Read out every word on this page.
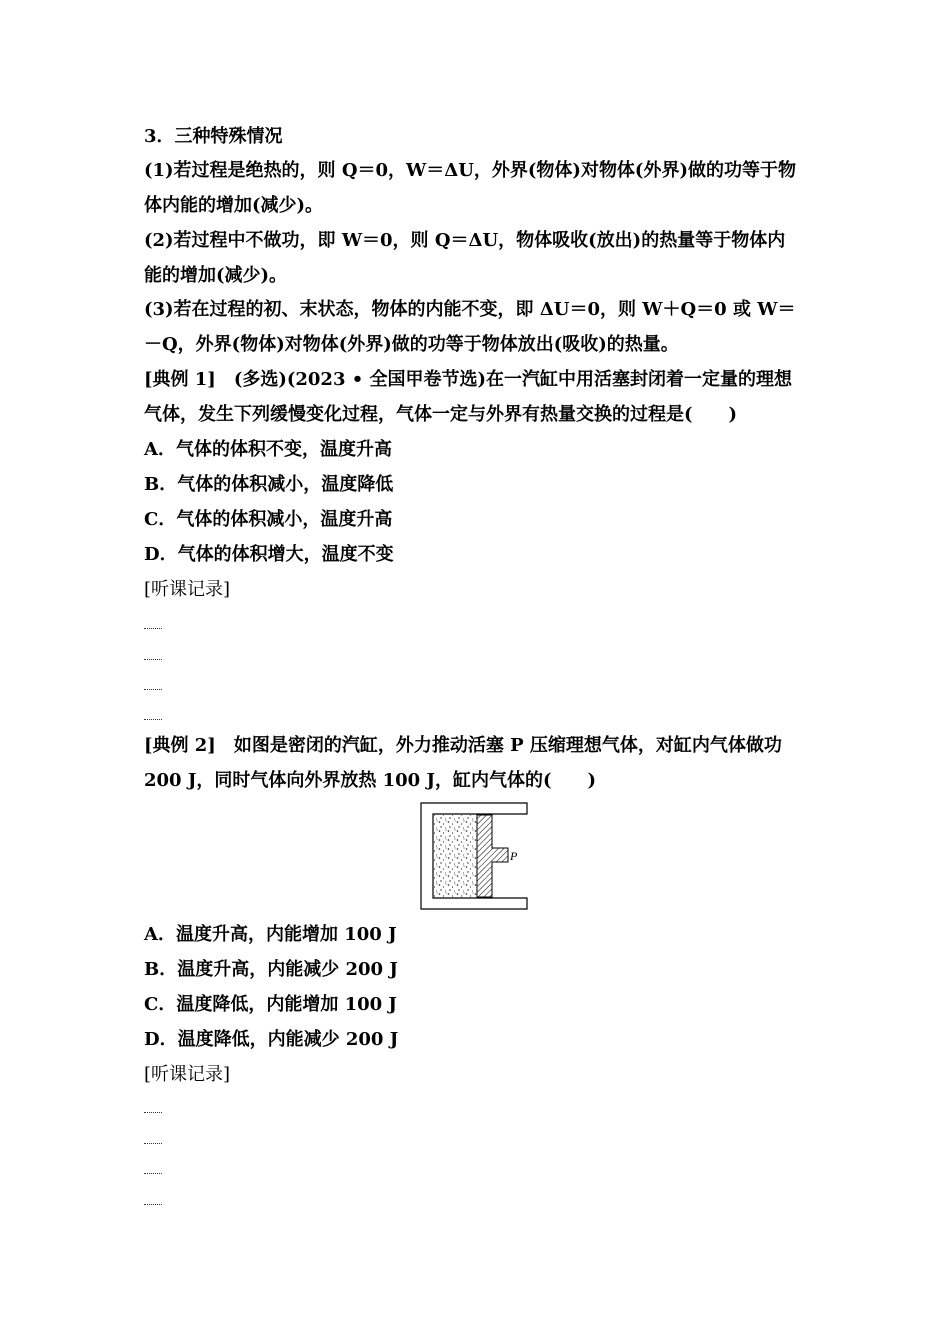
3．三种特殊情况
(1)若过程是绝热的，则 Q＝0，W＝ΔU，外界(物体)对物体(外界)做的功等于物
体内能的增加(减少)。
(2)若过程中不做功，即 W＝0，则 Q＝ΔU，物体吸收(放出)的热量等于物体内
能的增加(减少)。
(3)若在过程的初、末状态，物体的内能不变，即 ΔU＝0，则 W＋Q＝0 或 W＝
－Q，外界(物体)对物体(外界)做的功等于物体放出(吸收)的热量。
[典例 1]　(多选)(2023 • 全国甲卷节选)在一汽缸中用活塞封闭着一定量的理想
气体，发生下列缓慢变化过程，气体一定与外界有热量交换的过程是(　　)
A．气体的体积不变，温度升高
B．气体的体积减小，温度降低
C．气体的体积减小，温度升高
D．气体的体积增大，温度不变
[听课记录]
[典例 2]　如图是密闭的汽缸，外力推动活塞 P 压缩理想气体，对缸内气体做功
200 J，同时气体向外界放热 100 J，缸内气体的(　　)
P
A．温度升高，内能增加 100 J
B．温度升高，内能减少 200 J
C．温度降低，内能增加 100 J
D．温度降低，内能减少 200 J
[听课记录]
